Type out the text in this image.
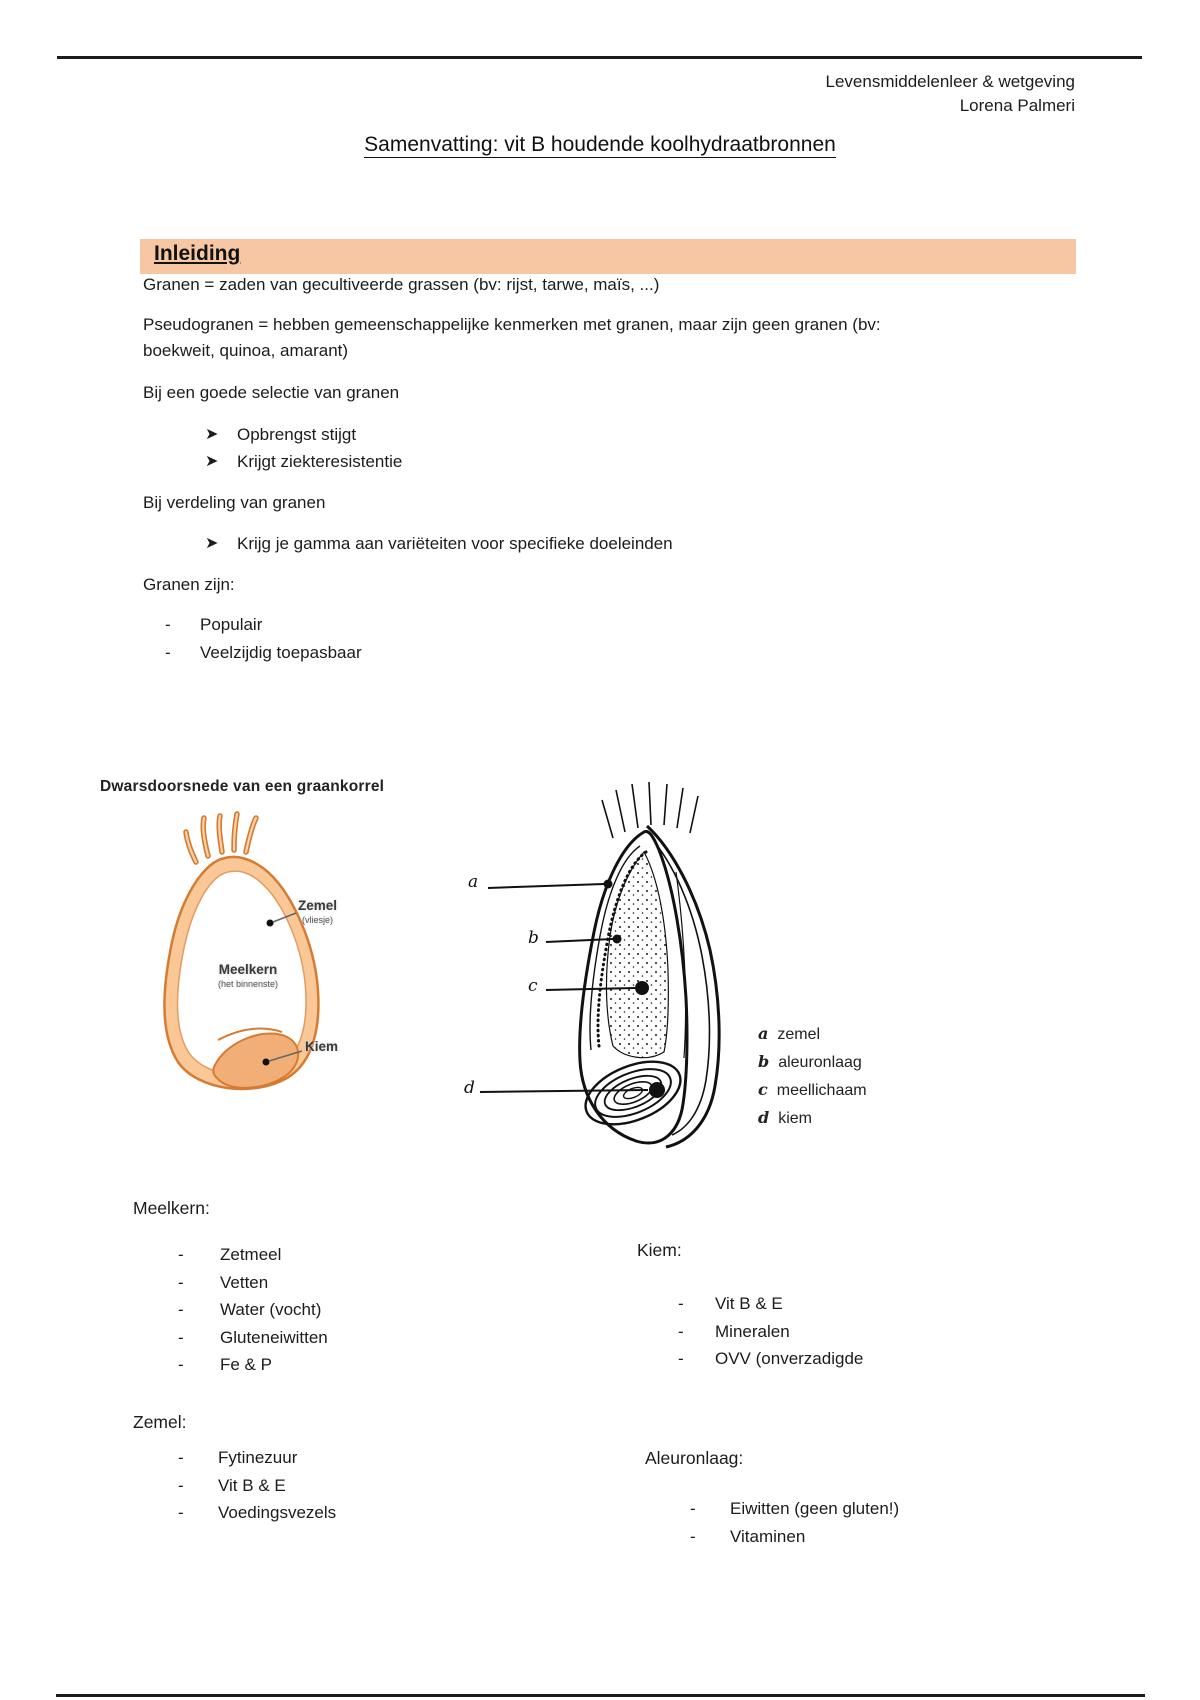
Levensmiddelenleer & wetgeving
Lorena Palmeri
Samenvatting: vit B houdende koolhydraatbronnen
Inleiding
Granen = zaden van gecultiveerde grassen (bv: rijst, tarwe, maïs, ...)
Pseudogranen = hebben gemeenschappelijke kenmerken met granen, maar zijn geen granen (bv:
boekweit, quinoa, amarant)
Bij een goede selectie van granen
➤	Opbrengst stijgt
➤	Krijgt ziekteresistentie
Bij verdeling van granen
➤	Krijg je gamma aan variëteiten voor specifieke doeleinden
Granen zijn:
-	Populair
-	Veelzijdig toepasbaar
Dwarsdoorsnede van een graankorrel
Zemel
(vliesje)
Meelkern
(het binnenste)
Kiem
a
b
c
d
a zemel
b aleuronlaag
c meellichaam
d kiem
Meelkern:
-	Zetmeel
-	Vetten
-	Water (vocht)
-	Gluteneiwitten
-	Fe & P
Kiem:
-	Vit B & E
-	Mineralen
-	OVV (onverzadigde
Zemel:
-	Fytinezuur
-	Vit B & E
-	Voedingsvezels
Aleuronlaag:
-	Eiwitten (geen gluten!)
-	Vitaminen
